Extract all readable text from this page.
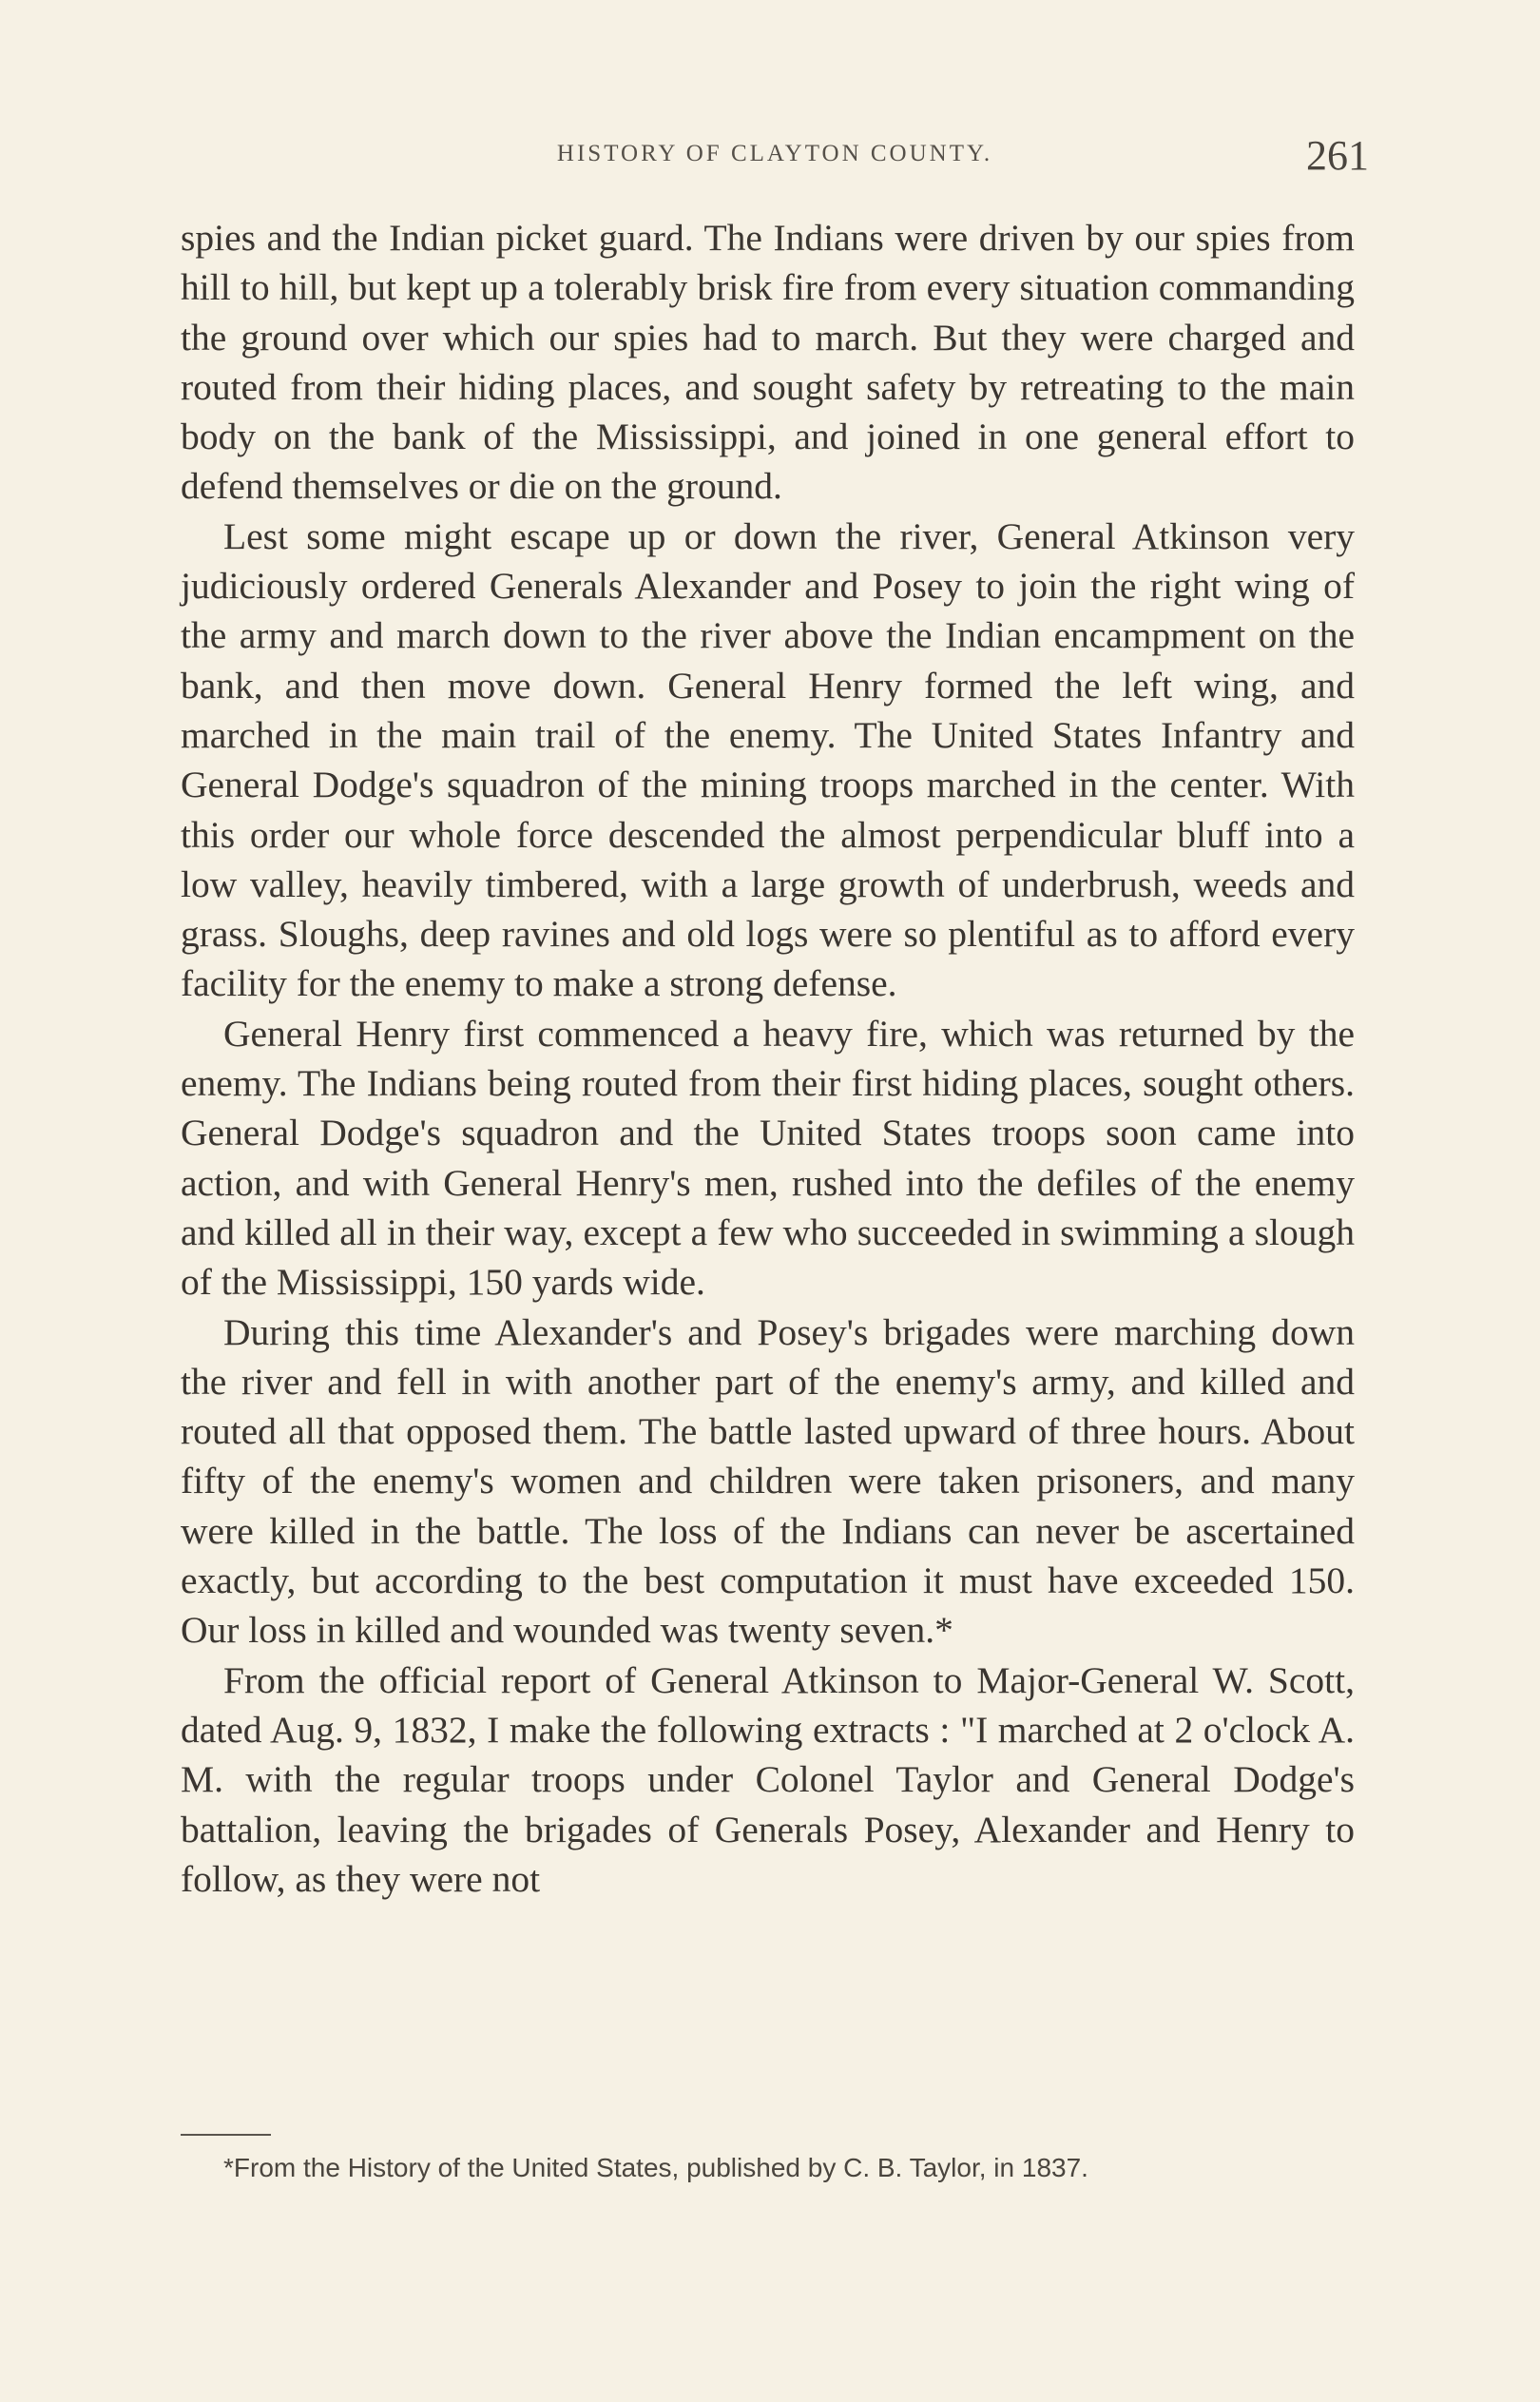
HISTORY OF CLAYTON COUNTY.	261

spies and the Indian picket guard. The Indians were driven by our spies from hill to hill, but kept up a tolerably brisk fire from every situation commanding the ground over which our spies had to march. But they were charged and routed from their hiding places, and sought safety by retreating to the main body on the bank of the Mississippi, and joined in one general effort to defend themselves or die on the ground.

Lest some might escape up or down the river, General Atkinson very judiciously ordered Generals Alexander and Posey to join the right wing of the army and march down to the river above the Indian encampment on the bank, and then move down. General Henry formed the left wing, and marched in the main trail of the enemy. The United States Infantry and General Dodge's squadron of the mining troops marched in the center. With this order our whole force descended the almost perpendicular bluff into a low valley, heavily timbered, with a large growth of underbrush, weeds and grass. Sloughs, deep ravines and old logs were so plentiful as to afford every facility for the enemy to make a strong defense.

General Henry first commenced a heavy fire, which was returned by the enemy. The Indians being routed from their first hiding places, sought others. General Dodge's squadron and the United States troops soon came into action, and with General Henry's men, rushed into the defiles of the enemy and killed all in their way, except a few who succeeded in swimming a slough of the Mississippi, 150 yards wide.

During this time Alexander's and Posey's brigades were marching down the river and fell in with another part of the enemy's army, and killed and routed all that opposed them. The battle lasted upward of three hours. About fifty of the enemy's women and children were taken prisoners, and many were killed in the battle. The loss of the Indians can never be ascertained exactly, but according to the best computation it must have exceeded 150. Our loss in killed and wounded was twenty seven.*

From the official report of General Atkinson to Major-General W. Scott, dated Aug. 9, 1832, I make the following extracts : "I marched at 2 o'clock A. M. with the regular troops under Colonel Taylor and General Dodge's battalion, leaving the brigades of Generals Posey, Alexander and Henry to follow, as they were not

*From the History of the United States, published by C. B. Taylor, in 1837.
